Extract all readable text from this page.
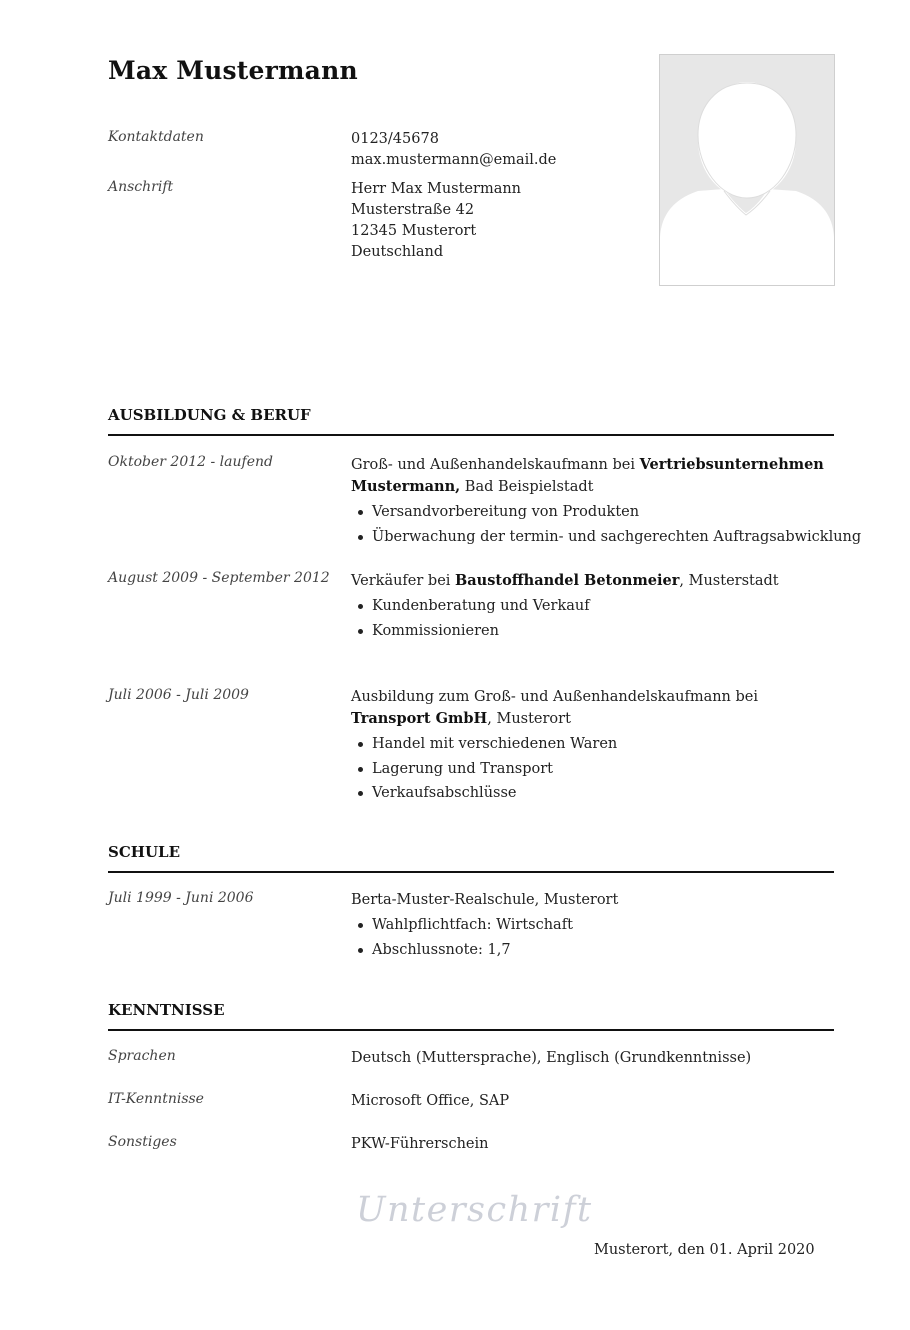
Max Mustermann
Kontaktdaten	0123/45678
max.mustermann@email.de
Anschrift	Herr Max Mustermann
Musterstraße 42
12345 Musterort
Deutschland
AUSBILDUNG & BERUF
Oktober 2012 - laufend	Groß- und Außenhandelskaufmann bei Vertriebsunternehmen Mustermann, Bad Beispielstadt
Versandvorbereitung von Produkten
Überwachung der termin- und sachgerechten Auftragsabwicklung
August 2009 - September 2012	Verkäufer bei Baustoffhandel Betonmeier, Musterstadt
Kundenberatung und Verkauf
Kommissionieren
Juli 2006 - Juli 2009	Ausbildung zum Groß- und Außenhandelskaufmann bei Transport GmbH, Musterort
Handel mit verschiedenen Waren
Lagerung und Transport
Verkaufsabschlüsse
SCHULE
Juli 1999 - Juni 2006	Berta-Muster-Realschule, Musterort
Wahlpflichtfach: Wirtschaft
Abschlussnote: 1,7
KENNTNISSE
Sprachen	Deutsch (Muttersprache), Englisch (Grundkenntnisse)
IT-Kenntnisse	Microsoft Office, SAP
Sonstiges	PKW-Führerschein
Unterschrift
Musterort, den 01. April 2020
